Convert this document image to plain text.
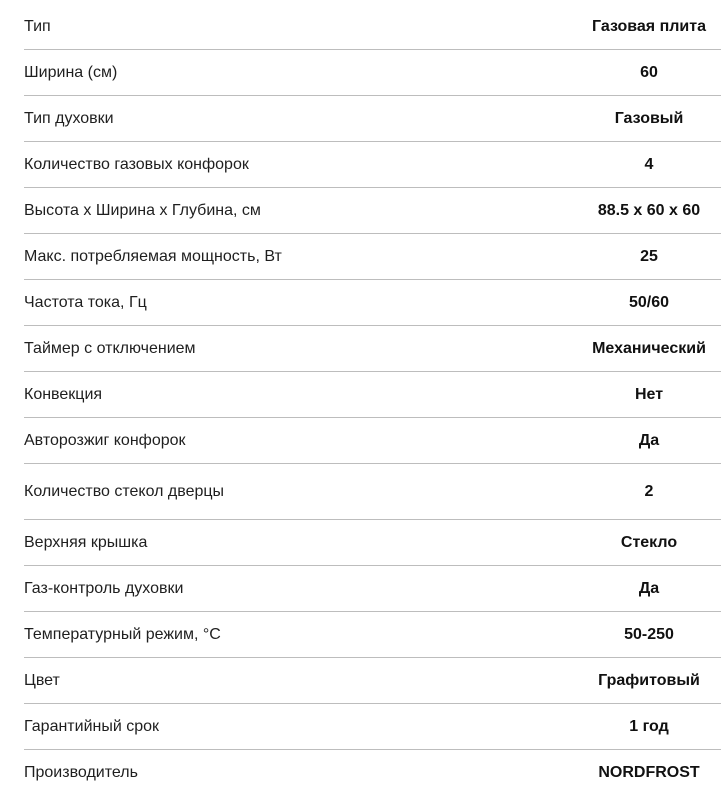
Тип	Газовая плита
Ширина (см)	60
Тип духовки	Газовый
Количество газовых конфорок	4
Высота х Ширина х Глубина, см	88.5 х 60 х 60
Макс. потребляемая мощность, Вт	25
Частота тока, Гц	50/60
Таймер с отключением	Механический
Конвекция	Нет
Авторозжиг конфорок	Да
Количество стекол дверцы	2
Верхняя крышка	Стекло
Газ-контроль духовки	Да
Температурный режим, °C	50-250
Цвет	Графитовый
Гарантийный срок	1 год
Производитель	NORDFROST
